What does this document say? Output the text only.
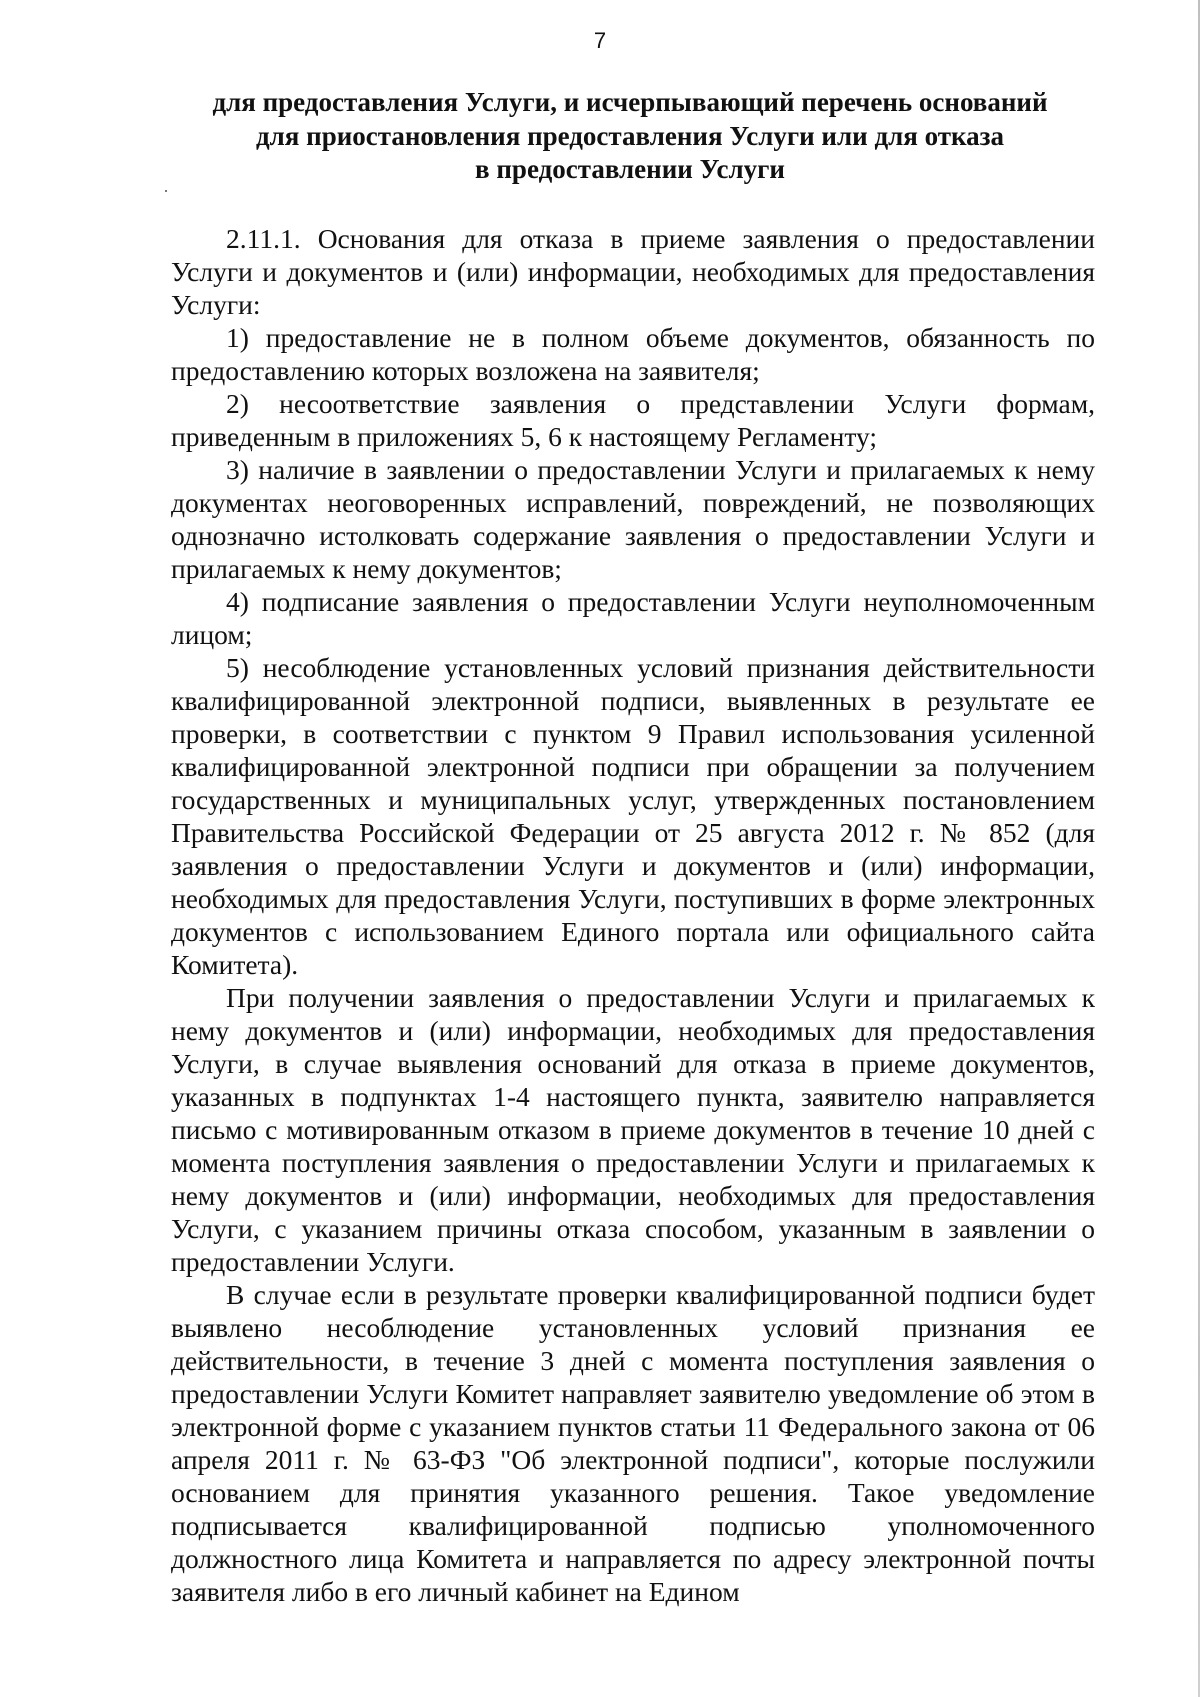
7
для предоставления Услуги, и исчерпывающий перечень оснований
для приостановления предоставления Услуги или для отказа
в предоставлении Услуги

2.11.1. Основания для отказа в приеме заявления о предоставлении Услуги и документов и (или) информации, необходимых для предоставления Услуги:

1) предоставление не в полном объеме документов, обязанность по предоставлению которых возложена на заявителя;

2) несоответствие заявления о представлении Услуги формам, приведенным в приложениях 5, 6 к настоящему Регламенту;

3) наличие в заявлении о предоставлении Услуги и прилагаемых к нему документах неоговоренных исправлений, повреждений, не позволяющих однозначно истолковать содержание заявления о предоставлении Услуги и прилагаемых к нему документов;

4) подписание заявления о предоставлении Услуги неуполномоченным лицом;

5) несоблюдение установленных условий признания действительности квалифицированной электронной подписи, выявленных в результате ее проверки, в соответствии с пунктом 9 Правил использования усиленной квалифицированной электронной подписи при обращении за получением государственных и муниципальных услуг, утвержденных постановлением Правительства Российской Федерации от 25 августа 2012 г. № 852 (для заявления о предоставлении Услуги и документов и (или) информации, необходимых для предоставления Услуги, поступивших в форме электронных документов с использованием Единого портала или официального сайта Комитета).

При получении заявления о предоставлении Услуги и прилагаемых к нему документов и (или) информации, необходимых для предоставления Услуги, в случае выявления оснований для отказа в приеме документов, указанных в подпунктах 1-4 настоящего пункта, заявителю направляется письмо с мотивированным отказом в приеме документов в течение 10 дней с момента поступления заявления о предоставлении Услуги и прилагаемых к нему документов и (или) информации, необходимых для предоставления Услуги, с указанием причины отказа способом, указанным в заявлении о предоставлении Услуги.

В случае если в результате проверки квалифицированной подписи будет выявлено несоблюдение установленных условий признания ее действительности, в течение 3 дней с момента поступления заявления о предоставлении Услуги Комитет направляет заявителю уведомление об этом в электронной форме с указанием пунктов статьи 11 Федерального закона от 06 апреля 2011 г. № 63-ФЗ "Об электронной подписи", которые послужили основанием для принятия указанного решения. Такое уведомление подписывается квалифицированной подписью уполномоченного должностного лица Комитета и направляется по адресу электронной почты заявителя либо в его личный кабинет на Едином
